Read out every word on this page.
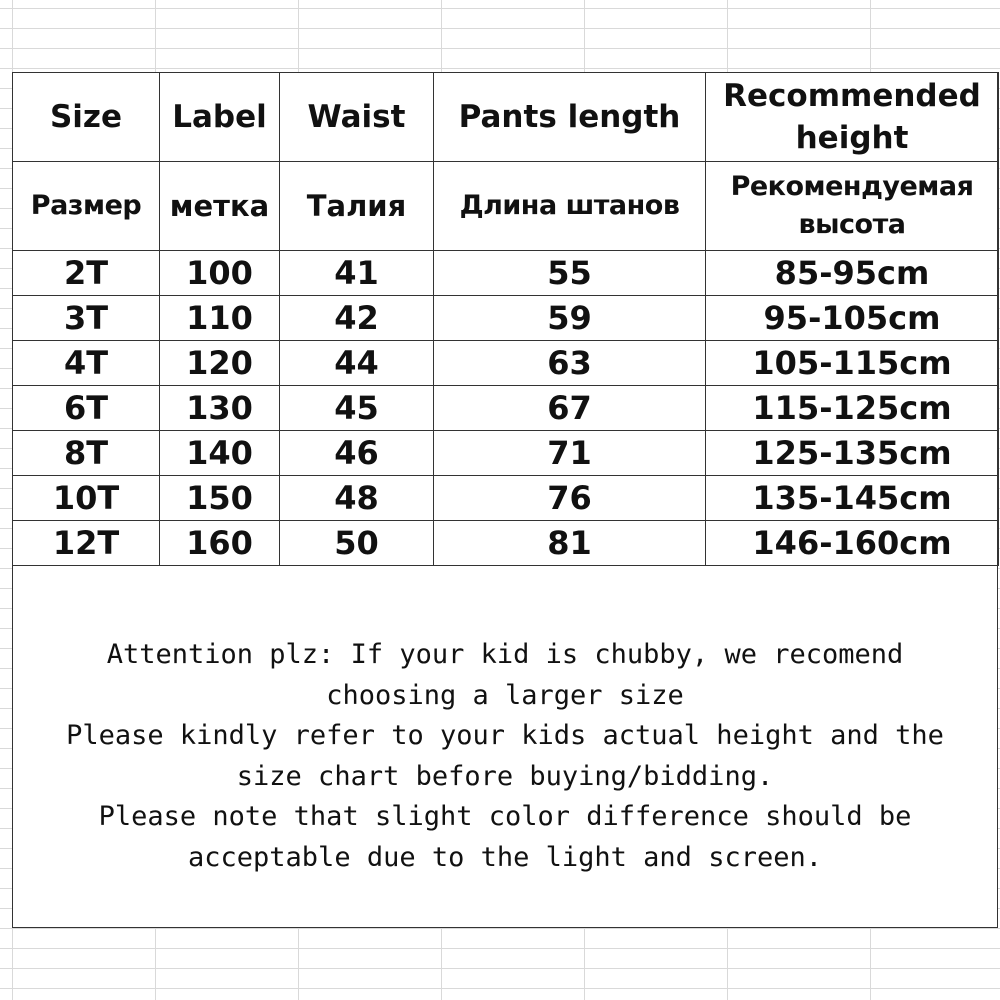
Size	Label	Waist	Pants length	Recommended height
Размер	метка	Талия	Длина штанов	Рекомендуемая высота
2T	100	41	55	85-95cm
3T	110	42	59	95-105cm
4T	120	44	63	105-115cm
6T	130	45	67	115-125cm
8T	140	46	71	125-135cm
10T	150	48	76	135-145cm
12T	160	50	81	146-160cm

Attention plz: If your kid is chubby, we recomend choosing a larger size

Please kindly refer to your kids actual height and the size chart before buying/bidding.

Please note that slight color difference should be acceptable due to the light and screen.
